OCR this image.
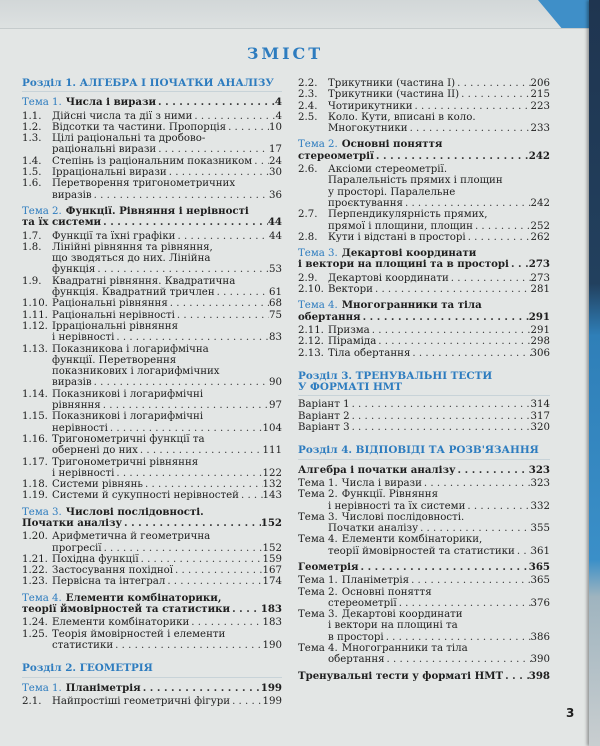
ЗМІСТ
Розділ 1. АЛГЕБРА І ПОЧАТКИ АНАЛІЗУ
Тема 1. Числа і вирази . . .	4
1.1.	Дійсні числа та дії з ними . . .	4
1.2.	Відсотки та частини. Пропорція . . .	10
1.3.	Цілі раціональні та дробово-
раціональні вирази . . .	17
1.4.	Степінь із раціональним показником . . . 24
1.5.	Ірраціональні вирази . . .	30
1.6.	Перетворення тригонометричних
виразів . . .	36
Тема 2. Функції. Рівняння і нерівності
та їх системи . . .	44
1.7.	Функції та їхні графіки . . .	44
1.8.	Лінійні рівняння та рівняння,
що зводяться до них. Лінійна
функція . . .	53
1.9.	Квадратні рівняння. Квадратична
функція. Квадратний тричлен . . .	61
1.10. Раціональні рівняння . . .	68
1.11. Раціональні нерівності . . .	75
1.12. Ірраціональні рівняння
і нерівності . . .	83
1.13. Показникова і логарифмічна
функції. Перетворення
показникових і логарифмічних
виразів . . .	90
1.14. Показникові і логарифмічні
рівняння . . .	97
1.15. Показникові і логарифмічні
нерівності . . .	104
1.16. Тригонометричні функції та
обернені до них . . .	111
1.17. Тригонометричні рівняння
і нерівності . . .	122
1.18. Системи рівнянь . . .	132
1.19. Системи й сукупності нерівностей . . . 143
Тема 3. Числові послідовності.
Початки аналізу . . .	152
1.20. Арифметична й геометрична
прогресії . . .	152
1.21. Похідна функції . . .	159
1.22. Застосування похідної . . .	167
1.23. Первісна та інтеграл . . .	174
Тема 4. Елементи комбінаторики,
теорії ймовірностей та статистики . . .	183
1.24. Елементи комбінаторики . . .	183
1.25. Теорія ймовірностей і елементи
статистики . . .	190
Розділ 2. ГЕОМЕТРІЯ
Тема 1. Планіметрія . . .	199
2.1.	Найпростіші геометричні фігури . . .	199
2.2.	Трикутники (частина I) . . .	206
2.3.	Трикутники (частина II) . . .	215
2.4.	Чотирикутники . . .	223
2.5.	Коло. Кути, вписані в коло.
Многокутники . . .	233
Тема 2. Основні поняття
стереометрії . . .	242
2.6.	Аксіоми стереометрії.
Паралельність прямих і площин
у просторі. Паралельне
проєктування . . .	242
2.7.	Перпендикулярність прямих,
прямої і площини, площин . . .	252
2.8.	Кути і відстані в просторі . . .	262
Тема 3. Декартові координати
і вектори на площині та в просторі . . . 273
2.9.	Декартові координати . . .	273
2.10. Вектори . . .	281
Тема 4. Многогранники та тіла
обертання . . .	291
2.11. Призма . . .	291
2.12. Піраміда . . .	298
2.13. Тіла обертання . . .	306
Розділ 3. ТРЕНУВАЛЬНІ ТЕСТИ
У ФОРМАТІ НМТ
Варіант 1 . . .	314
Варіант 2 . . .	317
Варіант 3 . . .	320
Розділ 4. ВІДПОВІДІ ТА РОЗВ'ЯЗАННЯ
Алгебра і початки аналізу . . .	323
Тема 1. Числа і вирази . . .	323
Тема 2. Функції. Рівняння
і нерівності та їх системи . . .	332
Тема 3. Числові послідовності.
Початки аналізу . . .	355
Тема 4. Елементи комбінаторики,
теорії ймовірностей та статистики . . . 361
Геометрія . . .	365
Тема 1. Планіметрія . . .	365
Тема 2. Основні поняття
стереометрії . . .	376
Тема 3. Декартові координати
і вектори на площині та
в просторі . . .	386
Тема 4. Многогранники та тіла
обертання . . .	390
Тренувальні тести у форматі НМТ . . .	398
3
